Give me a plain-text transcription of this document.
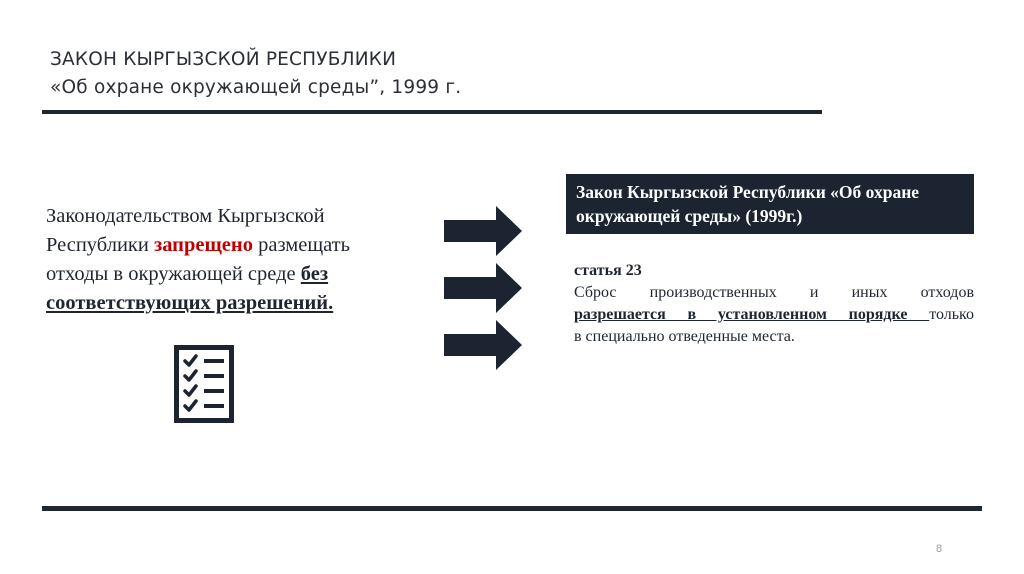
ЗАКОН КЫРГЫЗСКОЙ РЕСПУБЛИКИ
«Об охране окружающей среды”, 1999 г.
Законодательством Кыргызской Республики запрещено размещать отходы в окружающей среде без соответствующих разрешений.
Закон Кыргызской Республики «Об охране окружающей среды» (1999г.)
статья 23
Сброс производственных и иных отходов
разрешается в установленном порядке только
в специально отведенные места.
8
